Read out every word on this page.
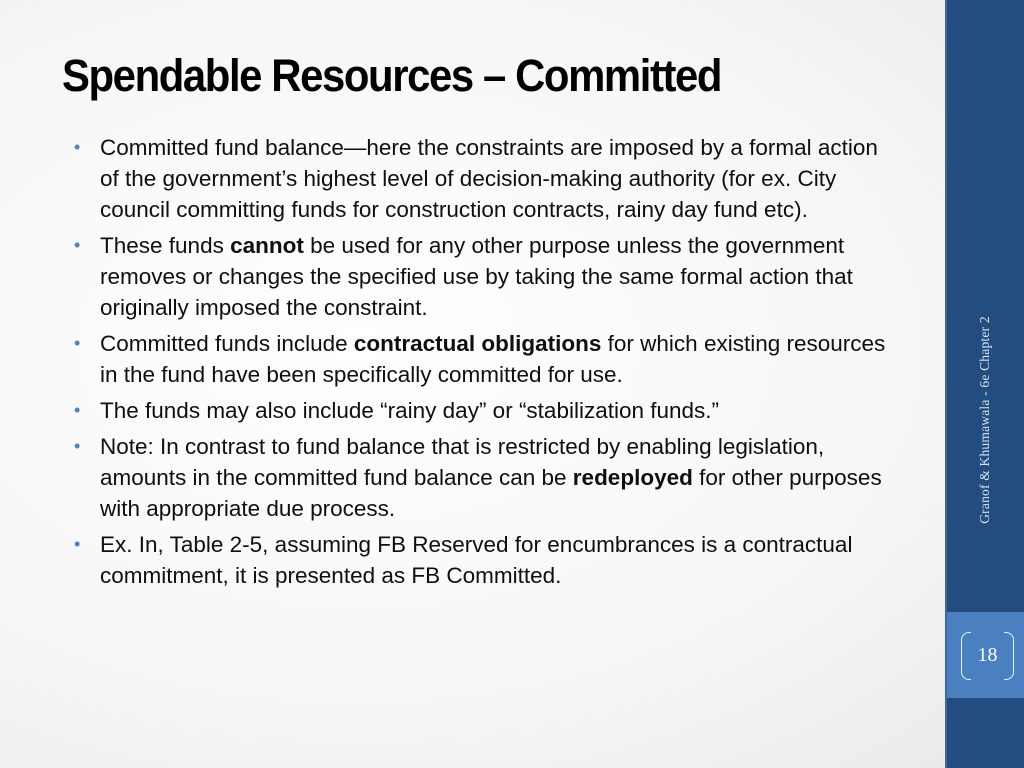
Spendable Resources – Committed
• Committed fund balance—here the constraints are imposed by a formal action of the government’s highest level of decision-making authority (for ex. City council committing funds for construction contracts, rainy day fund etc).
• These funds cannot be used for any other purpose unless the government removes or changes the specified use by taking the same formal action that originally imposed the constraint.
• Committed funds include contractual obligations for which existing resources in the fund have been specifically committed for use.
• The funds may also include “rainy day” or “stabilization funds.”
• Note: In contrast to fund balance that is restricted by enabling legislation, amounts in the committed fund balance can be redeployed for other purposes with appropriate due process.
• Ex. In, Table 2-5, assuming FB Reserved for encumbrances is a contractual commitment, it is presented as FB Committed.
Granof & Khumawala - 6e Chapter 2
18
